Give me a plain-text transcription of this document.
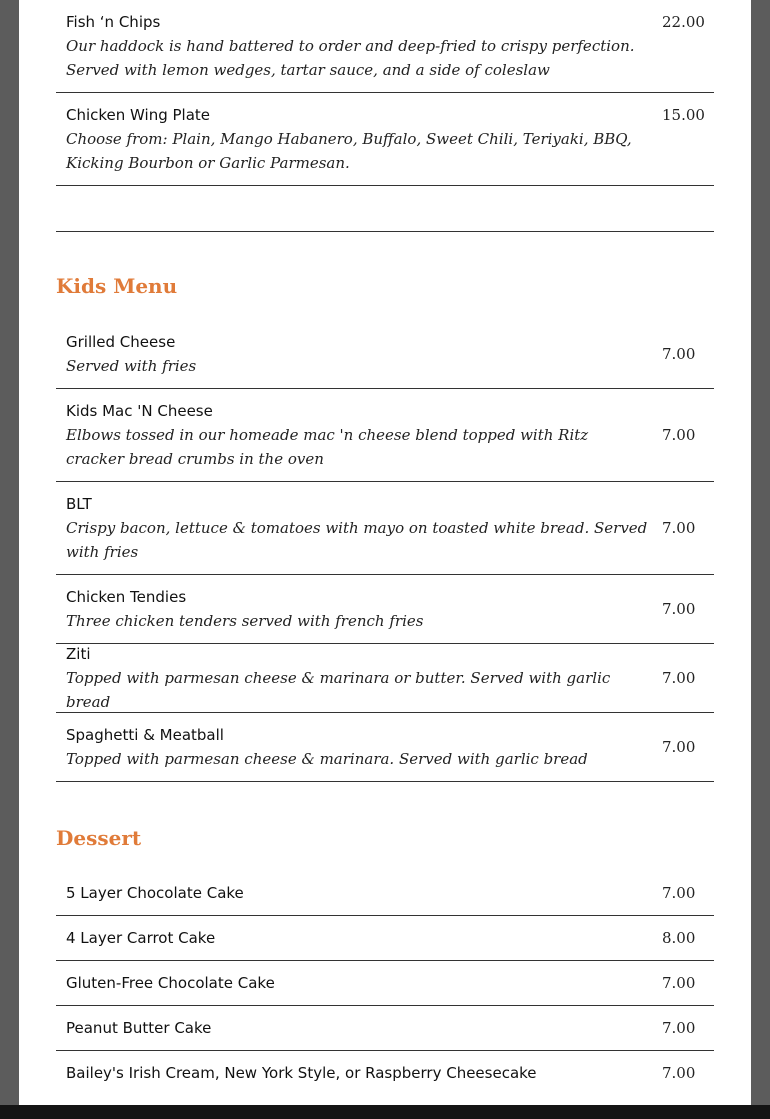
Fish ‘n Chips
Our haddock is hand battered to order and deep-fried to crispy perfection. Served with lemon wedges, tartar sauce, and a side of coleslaw
22.00
Chicken Wing Plate
Choose from: Plain, Mango Habanero, Buffalo, Sweet Chili, Teriyaki, BBQ, Kicking Bourbon or Garlic Parmesan.
15.00
Kids Menu
Grilled Cheese
Served with fries
7.00
Kids Mac 'N Cheese
Elbows tossed in our homeade mac 'n cheese blend topped with Ritz cracker bread crumbs in the oven
7.00
BLT
Crispy bacon, lettuce & tomatoes with mayo on toasted white bread. Served with fries
7.00
Chicken Tendies
Three chicken tenders served with french fries
7.00
Ziti
Topped with parmesan cheese & marinara or butter. Served with garlic bread
7.00
Spaghetti & Meatball
Topped with parmesan cheese & marinara. Served with garlic bread
7.00
Dessert
5 Layer Chocolate Cake	7.00
4 Layer Carrot Cake	8.00
Gluten-Free Chocolate Cake	7.00
Peanut Butter Cake	7.00
Bailey's Irish Cream, New York Style, or Raspberry Cheesecake	7.00
